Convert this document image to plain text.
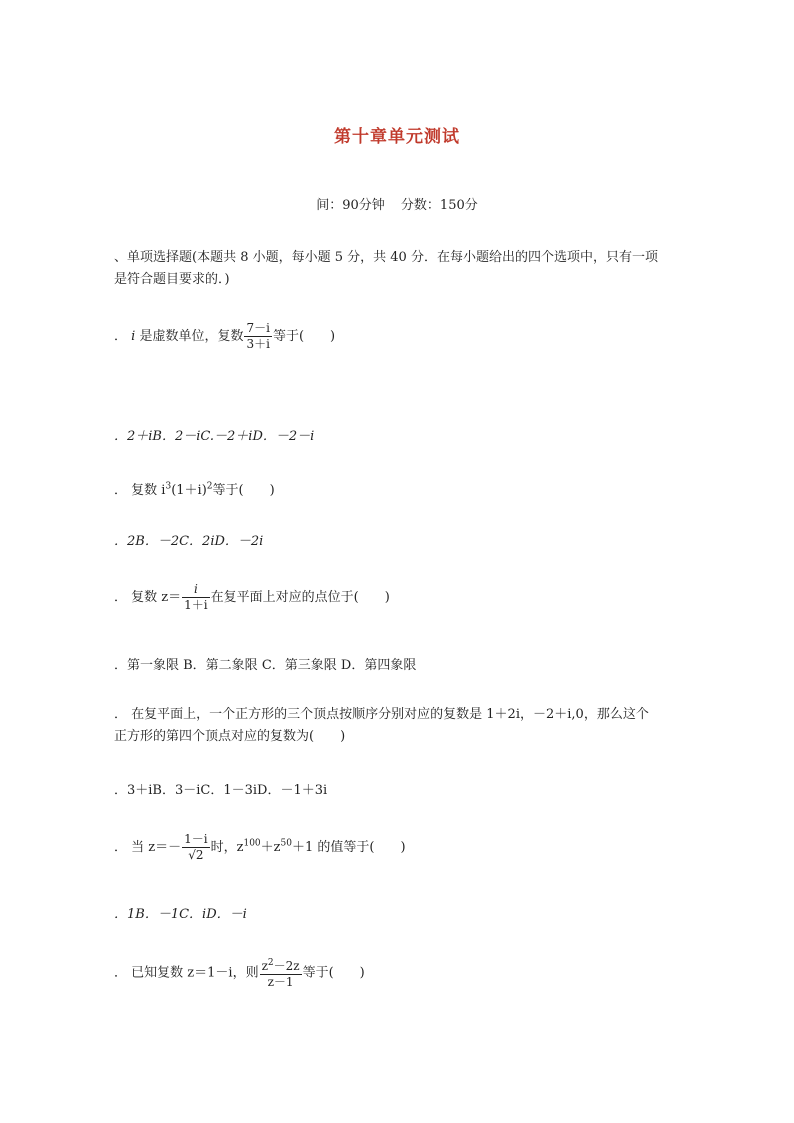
第十章单元测试
间：90分钟 分数：150分
、单项选择题(本题共 8 小题，每小题 5 分，共 40 分．在每小题给出的四个选项中，只有一项
是符合题目要求的．)
． i 是虚数单位，复数 $\frac{7-i}{3+i}$ 等于(　　)
．2＋iB．2－iC.－2＋iD．－2－i
． 复数 $i^3(1+i)^2$等于(　　)
．2B．－2C．2iD．－2i
． 复数 $z= \frac{i}{1+i}$ 在复平面上对应的点位于(　　)
．第一象限 B．第二象限 C．第三象限 D．第四象限
． 在复平面上，一个正方形的三个顶点按顺序分别对应的复数是 1＋2i，－2＋i,0，那么这个
正方形的第四个顶点对应的复数为(　　)
．3＋iB．3－iC．1－3iD．－1＋3i
． 当 $z=- \frac{1-i}{√2}$ 时，$z^{100}+z^{50}+1$ 的值等于(　　)
．1B．－1C．iD．－i
． 已知复数 z＝1－i，则 $\frac{z^2-2z}{z-1}$ 等于(　　)
